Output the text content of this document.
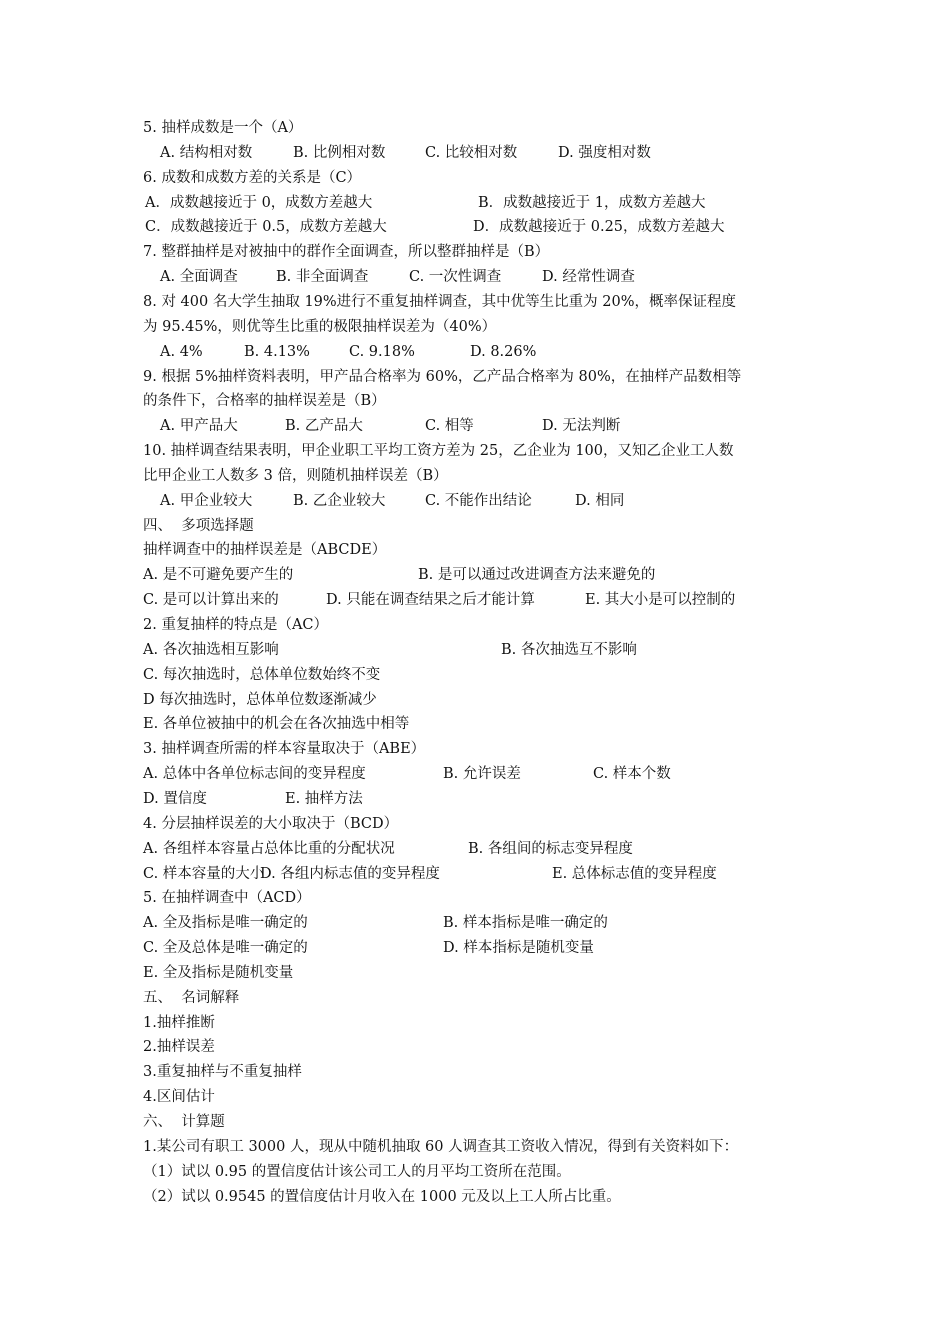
5. 抽样成数是一个（A）
A. 结构相对数	B. 比例相对数	C. 比较相对数	D. 强度相对数
6. 成数和成数方差的关系是（C）
A．成数越接近于 0，成数方差越大	B．成数越接近于 1，成数方差越大
C．成数越接近于 0.5，成数方差越大	D．成数越接近于 0.25，成数方差越大
7. 整群抽样是对被抽中的群作全面调查，所以整群抽样是（B）
A. 全面调查	B. 非全面调查	C. 一次性调查	D. 经常性调查
8. 对 400 名大学生抽取 19%进行不重复抽样调查，其中优等生比重为 20%，概率保证程度
为 95.45%，则优等生比重的极限抽样误差为（40%）
A. 4%	B. 4.13%	C. 9.18%	D. 8.26%
9. 根据 5%抽样资料表明，甲产品合格率为 60%，乙产品合格率为 80%，在抽样产品数相等
的条件下，合格率的抽样误差是（B）
A. 甲产品大	B. 乙产品大	C. 相等	D. 无法判断
10. 抽样调查结果表明，甲企业职工平均工资方差为 25，乙企业为 100，又知乙企业工人数
比甲企业工人数多 3 倍，则随机抽样误差（B）
A. 甲企业较大	B. 乙企业较大	C. 不能作出结论	D. 相同
四、  多项选择题
抽样调查中的抽样误差是（ABCDE）
A. 是不可避免要产生的	B. 是可以通过改进调查方法来避免的
C. 是可以计算出来的	D. 只能在调查结果之后才能计算	E. 其大小是可以控制的
2. 重复抽样的特点是（AC）
A. 各次抽选相互影响	B. 各次抽选互不影响
C. 每次抽选时，总体单位数始终不变
D 每次抽选时，总体单位数逐渐减少
E. 各单位被抽中的机会在各次抽选中相等
3. 抽样调查所需的样本容量取决于（ABE）
A. 总体中各单位标志间的变异程度	B. 允许误差	C. 样本个数
D. 置信度	E. 抽样方法
4. 分层抽样误差的大小取决于（BCD）
A. 各组样本容量占总体比重的分配状况	B. 各组间的标志变异程度
C. 样本容量的大小
D. 各组内标志值的变异程度	E. 总体标志值的变异程度
5. 在抽样调查中（ACD）
A. 全及指标是唯一确定的	B. 样本指标是唯一确定的
C. 全及总体是唯一确定的	D. 样本指标是随机变量
E. 全及指标是随机变量
五、  名词解释
1.抽样推断
2.抽样误差
3.重复抽样与不重复抽样
4.区间估计
六、  计算题
1.某公司有职工 3000 人，现从中随机抽取 60 人调查其工资收入情况，得到有关资料如下：
（1）试以 0.95 的置信度估计该公司工人的月平均工资所在范围。
（2）试以 0.9545 的置信度估计月收入在 1000 元及以上工人所占比重。
